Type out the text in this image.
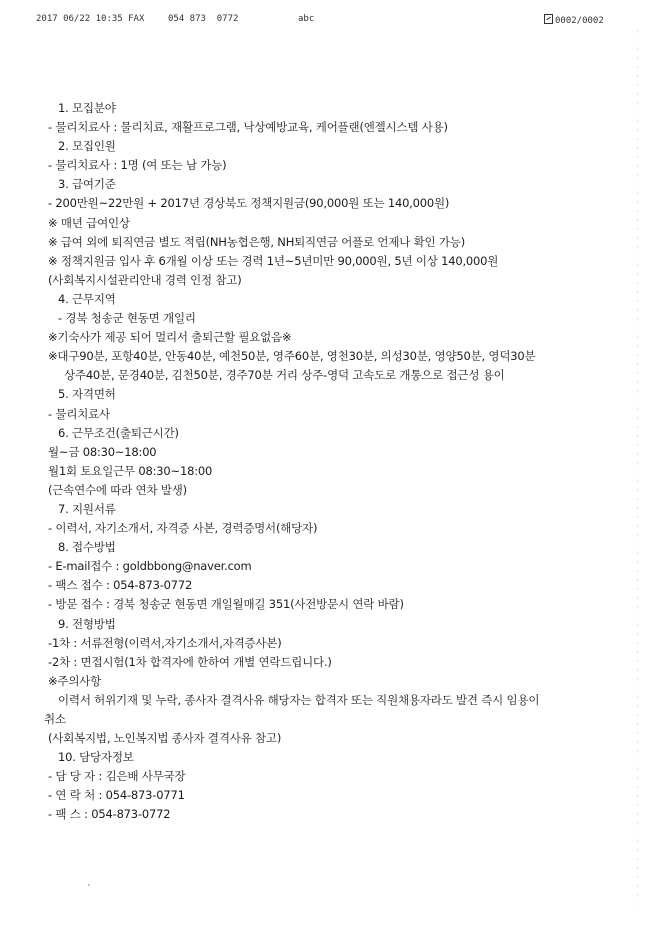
2017 06/22 10:35 FAX	054 873  0772	abc	0002/0002
1. 모집분야
- 물리치료사 : 물리치료, 재활프로그램, 낙상예방교육, 케어플랜(엔젤시스템 사용)
2. 모집인원
- 물리치료사 : 1명 (여 또는 남 가능)
3. 급여기준
- 200만원~22만원 + 2017년 경상북도 정책지원금(90,000원 또는 140,000원)
※ 매년 급여인상
※ 급여 외에 퇴직연금 별도 적립(NH농협은행, NH퇴직연금 어플로 언제나 확인 가능)
※ 정책지원금 입사 후 6개월 이상 또는 경력 1년~5년미만 90,000원, 5년 이상 140,000원
(사회복지시설관리안내 경력 인정 참고)
4. 근무지역
- 경북 청송군 현동면 개일리
※기숙사가 제공 되어 멀리서 출퇴근할 필요없음※
※대구90분, 포항40분, 안동40분, 예천50분, 영주60분, 영천30분, 의성30분, 영양50분, 영덕30분
상주40분, 문경40분, 김천50분, 경주70분 거리 상주-영덕 고속도로 개통으로 접근성 용이
5. 자격면허
- 물리치료사
6. 근무조건(출퇴근시간)
월~금 08:30~18:00
월1회 토요일근무 08:30~18:00
(근속연수에 따라 연차 발생)
7. 지원서류
- 이력서, 자기소개서, 자격증 사본, 경력증명서(해당자)
8. 접수방법
- E-mail접수 : goldbbong@naver.com
- 팩스 접수 : 054-873-0772
- 방문 접수 : 경북 청송군 현동면 개일월매길 351(사전방문시 연락 바람)
9. 전형방법
-1차 : 서류전형(이력서,자기소개서,자격증사본)
-2차 : 면접시험(1차 합격자에 한하여 개별 연락드립니다.)
※주의사항
이력서 허위기재 및 누락, 종사자 결격사유 해당자는 합격자 또는 직원채용자라도 발견 즉시 임용이
취소
(사회복지법, 노인복지법 종사자 결격사유 참고)
10. 담당자정보
- 담 당 자 : 김은배 사무국장
- 연 락 처 : 054-873-0771
- 팩 스 : 054-873-0772
